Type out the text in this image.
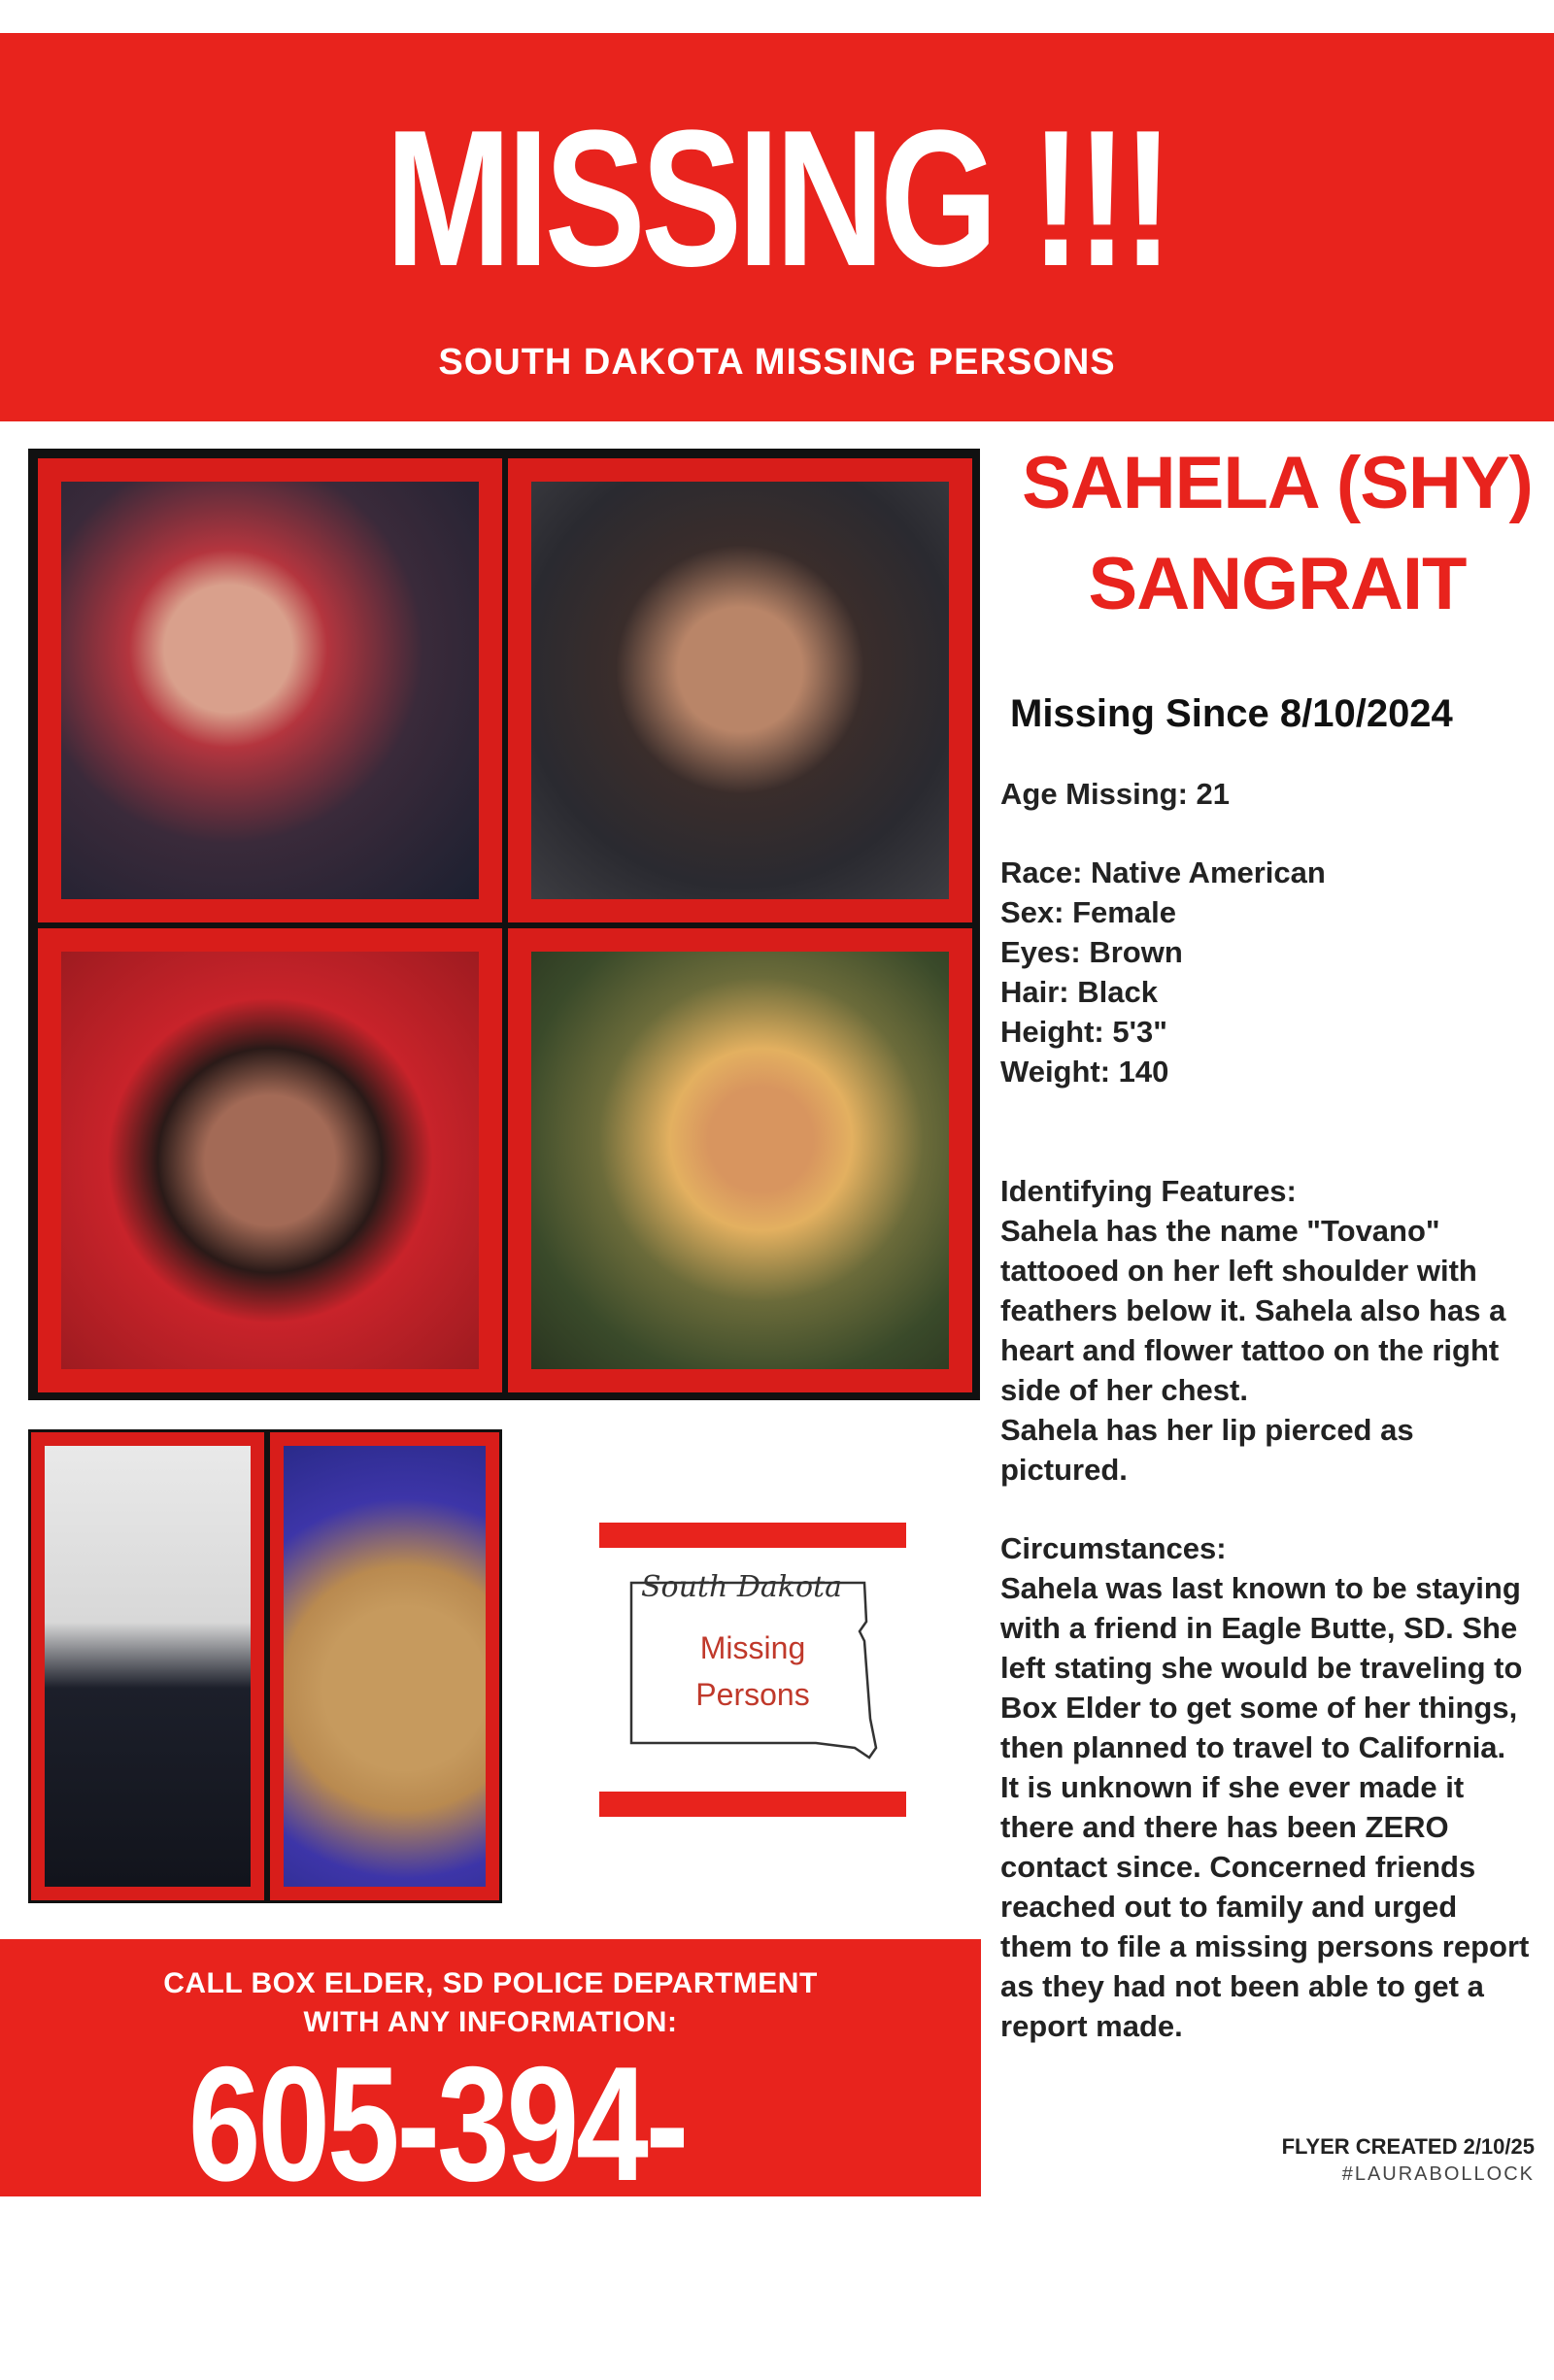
MISSING !!!
SOUTH DAKOTA MISSING PERSONS
South Dakota
Missing
Persons
SAHELA (SHY)
SANGRAIT
Missing Since 8/10/2024
Age Missing: 21
Race: Native American
Sex: Female
Eyes: Brown
Hair: Black
Height: 5'3"
Weight: 140
Identifying Features:
Sahela has the name "Tovano"
tattooed on her left shoulder with
feathers below it. Sahela also has a
heart and flower tattoo on the right
side of her chest.
Sahela has her lip pierced as
pictured.
Circumstances:
Sahela was last known to be staying
with a friend in Eagle Butte, SD. She
left stating she would be traveling to
Box Elder to get some of her things,
then planned to travel to California.
It is unknown if she ever made it
there and there has been ZERO
contact since. Concerned friends
reached out to family and urged
them to file a missing persons report
as they had not been able to get a
report made.
CALL BOX ELDER, SD POLICE DEPARTMENT
WITH ANY INFORMATION:
605-394-4131
FLYER CREATED 2/10/25
#LAURABOLLOCK
